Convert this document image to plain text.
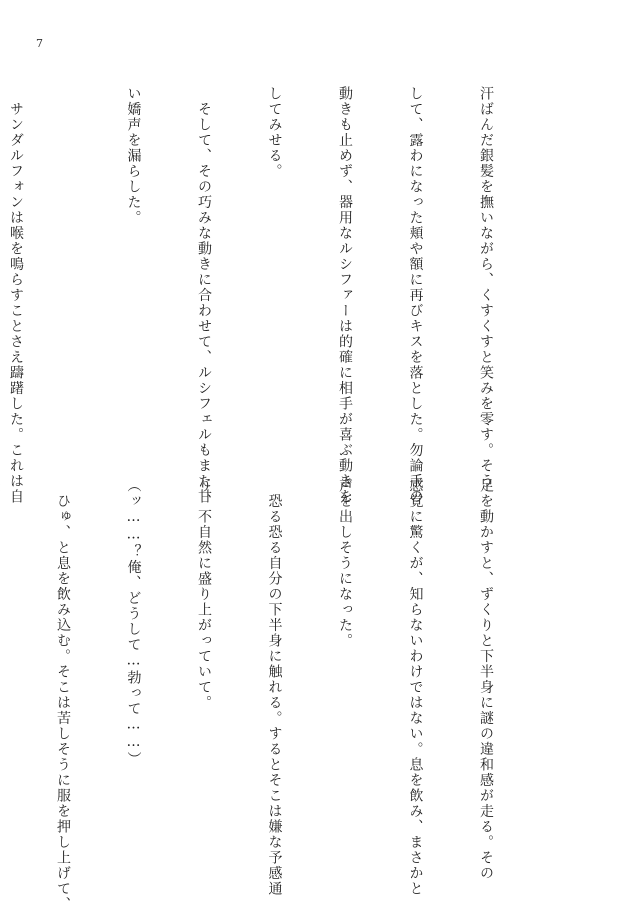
7

汗ばんだ銀髪を撫いながら、くすくすと笑みを零す。そう

して、露わになった頬や額に再びキスを落とした。勿論手の

動きも止めず、器用なルシファーは的確に相手が喜ぶ動きを

してみせる。

　そして、その巧みな動きに合わせて、ルシフェルもまた甘

い嬌声を漏らした。

　サンダルフォンは喉を鳴らすことさえ躊躇した。これは自

足を動かすと、ずくりと下半身に謎の違和感が走る。その

感覚に驚くが、知らないわけではない。息を飲み、まさかと

声を出しそうになった。

　恐る恐る自分の下半身に触れる。するとそこは嫌な予感通

り、不自然に盛り上がっていて。

（ッ……？俺、どうして…勃って……）

　ひゅ、と息を飲み込む。そこは苦しそうに服を押し上げて、
